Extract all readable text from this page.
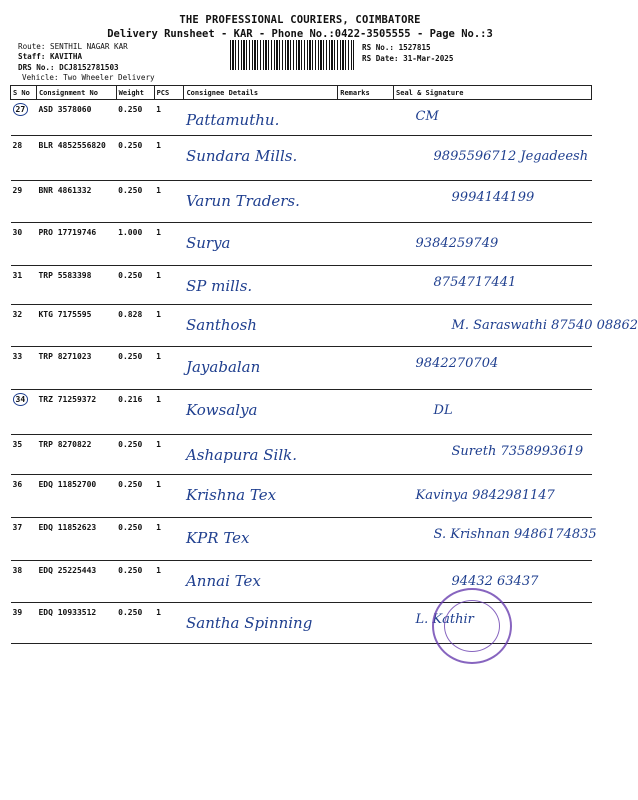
THE PROFESSIONAL COURIERS, COIMBATORE
Delivery Runsheet - KAR - Phone No.:0422-3505555 - Page No.:3
Route: SENTHIL NAGAR KAR
Staff: KAVITHA
DRS No.: DCJ8152781503
Vehicle: Two Wheeler Delivery
RS No.: 1527815
RS Date: 31-Mar-2025
S No	Consignment No	Weight	PCS	Consignee Details	Remarks	Seal & Signature
27	ASD 3578060	0.250	1	Pattamuthu.		CM
28	BLR 4852556820	0.250	1	Sundara Mills.		9895596712 Jegadeesh
29	BNR 4861332	0.250	1	Varun Traders.		9994144199
30	PRO 17719746	1.000	1	Surya		9384259749
31	TRP 5583398	0.250	1	SP mills.		8754717441
32	KTG 7175595	0.828	1	Santhosh		M. Saraswathi 87540 08862
33	TRP 8271023	0.250	1	Jayabalan		9842270704
34	TRZ 71259372	0.216	1	Kowsalya		DL
35	TRP 8270822	0.250	1	Ashapura Silk.		Sureth 7358993619
36	EDQ 11852700	0.250	1	Krishna Tex		Kavinya 9842981147
37	EDQ 11852623	0.250	1	KPR Tex		S. Krishnan 9486174835
38	EDQ 25225443	0.250	1	Annai Tex		94432 63437
39	EDQ 10933512	0.250	1	Santha Spinning		L. Kathir
